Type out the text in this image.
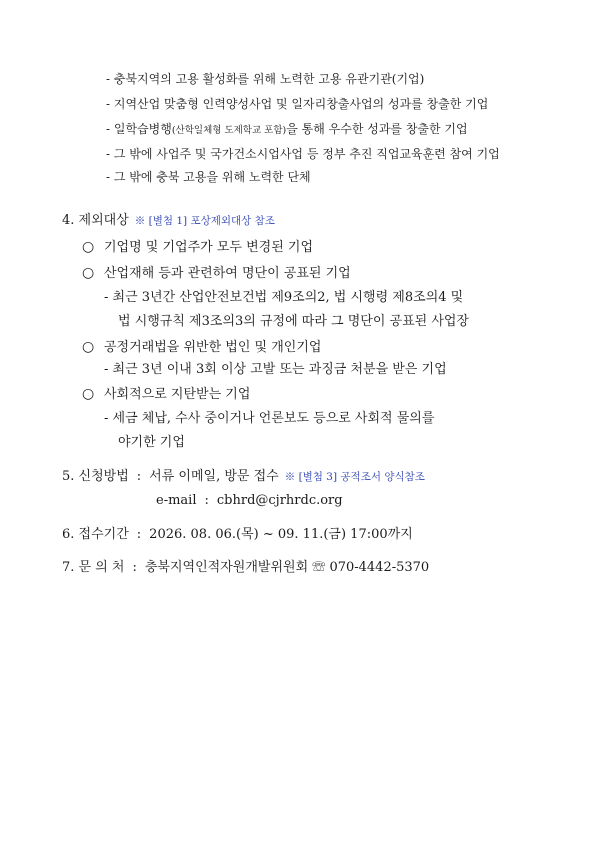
- 충북지역의 고용 활성화를 위해 노력한 고용 유관기관(기업)
- 지역산업 맞춤형 인력양성사업 및 일자리창출사업의 성과를 창출한 기업
- 일학습병행(산학일체형 도제학교 포함)을 통해 우수한 성과를 창출한 기업
- 그 밖에 사업주 및 국가건소시업사업 등 정부 추진 직업교육훈련 참여 기업
- 그 밖에 충북 고용을 위해 노력한 단체
4. 제외대상 ※ [별첨 1] 포상제외대상 참조
○ 기업명 및 기업주가 모두 변경된 기업
○ 산업재해 등과 관련하여 명단이 공표된 기업
- 최근 3년간 산업안전보건법 제9조의2, 법 시행령 제8조의4 및
법 시행규칙 제3조의3의 규정에 따라 그 명단이 공표된 사업장
○ 공정거래법을 위반한 법인 및 개인기업
- 최근 3년 이내 3회 이상 고발 또는 과징금 처분을 받은 기업
○ 사회적으로 지탄받는 기업
- 세금 체납, 수사 중이거나 언론보도 등으로 사회적 물의를
야기한 기업
5. 신청방법 : 서류 이메일, 방문 접수 ※ [별첨 3] 공적조서 양식참조
e-mail : cbhrd@cjrhrdc.org
6. 접수기간 : 2026. 08. 06.(목) ~ 09. 11.(금) 17:00까지
7. 문 의 처 : 충북지역인적자원개발위원회 ☏ 070-4442-5370
